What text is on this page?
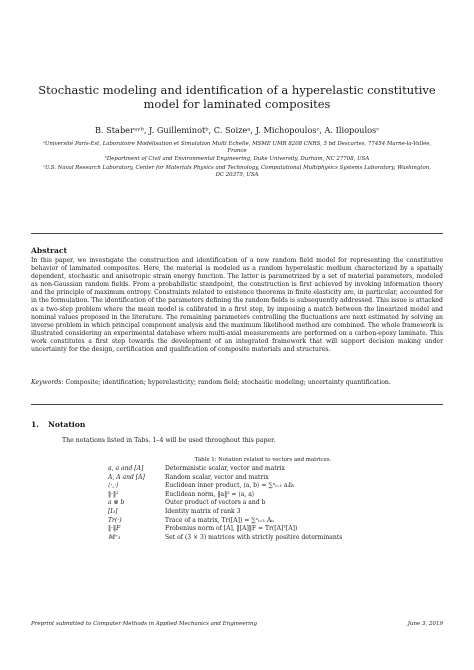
Stochastic modeling and identification of a hyperelastic constitutive model for laminated composites
B. Staberᵃʸᵇ, J. Guilleminotᵇ, C. Soizeᵃ, J. Michopoulosᶜ, A. Iliopoulosᶜ
ᵃUniversité Paris-Est, Laboratoire Modélisation et Simulation Multi Echelle, MSME UMR 8208 CNRS, 5 bd Descartes, 77454 Marne-la-Vallée, France
ᵇDepartment of Civil and Environmental Engineering, Duke University, Durham, NC 27708, USA
ᶜU.S. Naval Research Laboratory, Center for Materials Physics and Technology, Computational Multiphysics Systems Laboratory, Washington, DC 20375, USA
Abstract
In this paper, we investigate the construction and identification of a new random field model for representing the constitutive behavior of laminated composites. Here, the material is modeled as a random hyperelastic medium characterized by a spatially dependent, stochastic and anisotropic strain energy function. The latter is parametrized by a set of material parameters, modeled as non-Gaussian random fields. From a probabilistic standpoint, the construction is first achieved by invoking information theory and the principle of maximum entropy. Constraints related to existence theorems in finite elasticity are, in particular, accounted for in the formulation. The identification of the parameters defining the random fields is subsequently addressed. This issue is attacked as a two-step problem where the mean model is calibrated in a first step, by imposing a match between the linearized model and nominal values proposed in the literature. The remaining parameters controlling the fluctuations are next estimated by solving an inverse problem in which principal component analysis and the maximum likelihood method are combined. The whole framework is illustrated considering an experimental database where multi-axial measurements are performed on a carbon-epoxy laminate. This work constitutes a first step towards the development of an integrated framework that will support decision making under uncertainty for the design, certification and qualification of composite materials and structures.
Keywords: Composite; identification; hyperelasticity; random field; stochastic modeling; uncertainty quantification.
1. Notation
The notations listed in Tabs. 1–4 will be used throughout this paper.
Table 1: Notation related to vectors and matrices.
a, a and [A]	Deterministic scalar, vector and matrix
A, A and [A]	Random scalar, vector and matrix
⟨·,·⟩	Euclidean inner product, ⟨a, b⟩ = ∑ⁿᵢ₌₁ aᵢbᵢ
‖·‖²	Euclidean norm, ‖a‖² = ⟨a, a⟩
a ⊗ b	Outer product of vectors a and b
[I₃]	Identity matrix of rank 3
Tr(·)	Trace of a matrix, Tr([A]) = ∑ⁿᵢ₌₁ Aᵢᵢ
‖·‖F	Frobenius norm of [A], ‖[A]‖F = Tr([A]ᵀ[A])
𝕄⁺₃	Set of (3 × 3) matrices with strictly positive determinants
Preprint submitted to Computer Methods in Applied Mechanics and Engineering	June 3, 2019
